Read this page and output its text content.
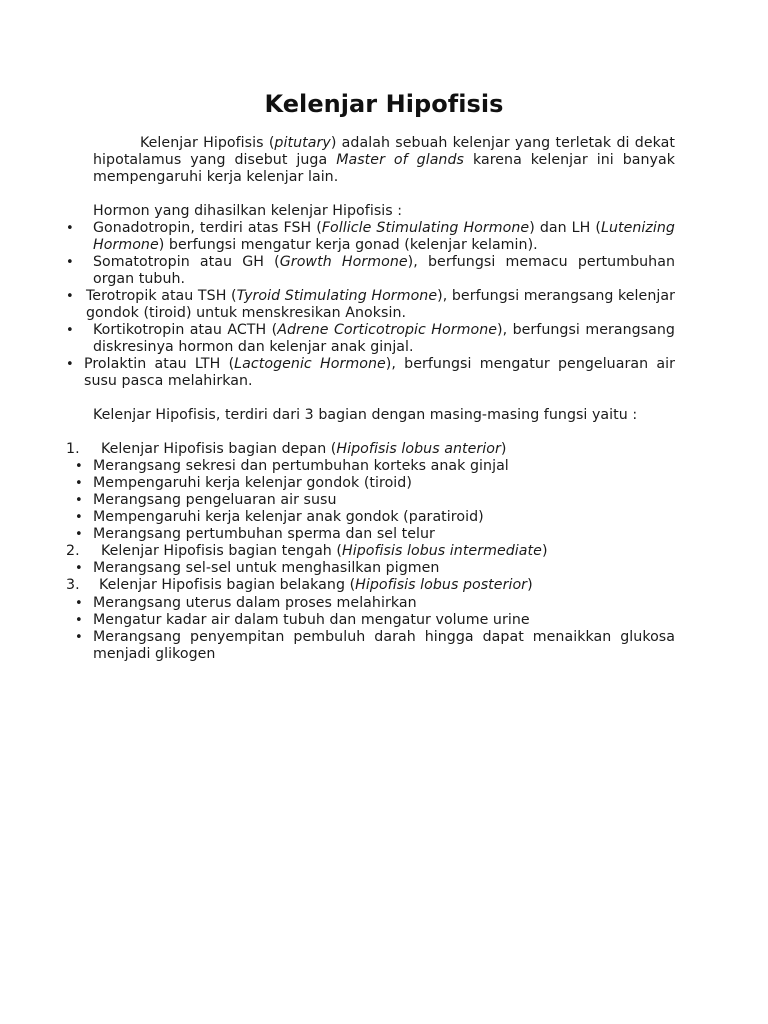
Kelenjar Hipofisis
Kelenjar Hipofisis (pitutary) adalah sebuah kelenjar yang terletak di dekat hipotalamus yang disebut juga Master of glands karena kelenjar ini banyak mempengaruhi kerja kelenjar lain.
Hormon yang dihasilkan kelenjar Hipofisis :
• Gonadotropin, terdiri atas FSH (Follicle Stimulating Hormone) dan LH (Lutenizing Hormone) berfungsi mengatur kerja gonad (kelenjar kelamin).
• Somatotropin atau GH (Growth Hormone), berfungsi memacu pertumbuhan organ tubuh.
• Terotropik atau TSH (Tyroid Stimulating Hormone), berfungsi merangsang kelenjar gondok (tiroid) untuk menskresikan Anoksin.
• Kortikotropin atau ACTH (Adrene Corticotropic Hormone), berfungsi merangsang diskresinya hormon dan kelenjar anak ginjal.
• Prolaktin atau LTH (Lactogenic Hormone), berfungsi mengatur pengeluaran air susu pasca melahirkan.
Kelenjar Hipofisis, terdiri dari 3 bagian dengan masing-masing fungsi yaitu :
1. Kelenjar Hipofisis bagian depan (Hipofisis lobus anterior)
• Merangsang sekresi dan pertumbuhan korteks anak ginjal
• Mempengaruhi kerja kelenjar gondok (tiroid)
• Merangsang pengeluaran air susu
• Mempengaruhi kerja kelenjar anak gondok (paratiroid)
• Merangsang pertumbuhan sperma dan sel telur
2. Kelenjar Hipofisis bagian tengah (Hipofisis lobus intermediate)
• Merangsang sel-sel untuk menghasilkan pigmen
3. Kelenjar Hipofisis bagian belakang (Hipofisis lobus posterior)
• Merangsang uterus dalam proses melahirkan
• Mengatur kadar air dalam tubuh dan mengatur volume urine
• Merangsang penyempitan pembuluh darah hingga dapat menaikkan glukosa menjadi glikogen
